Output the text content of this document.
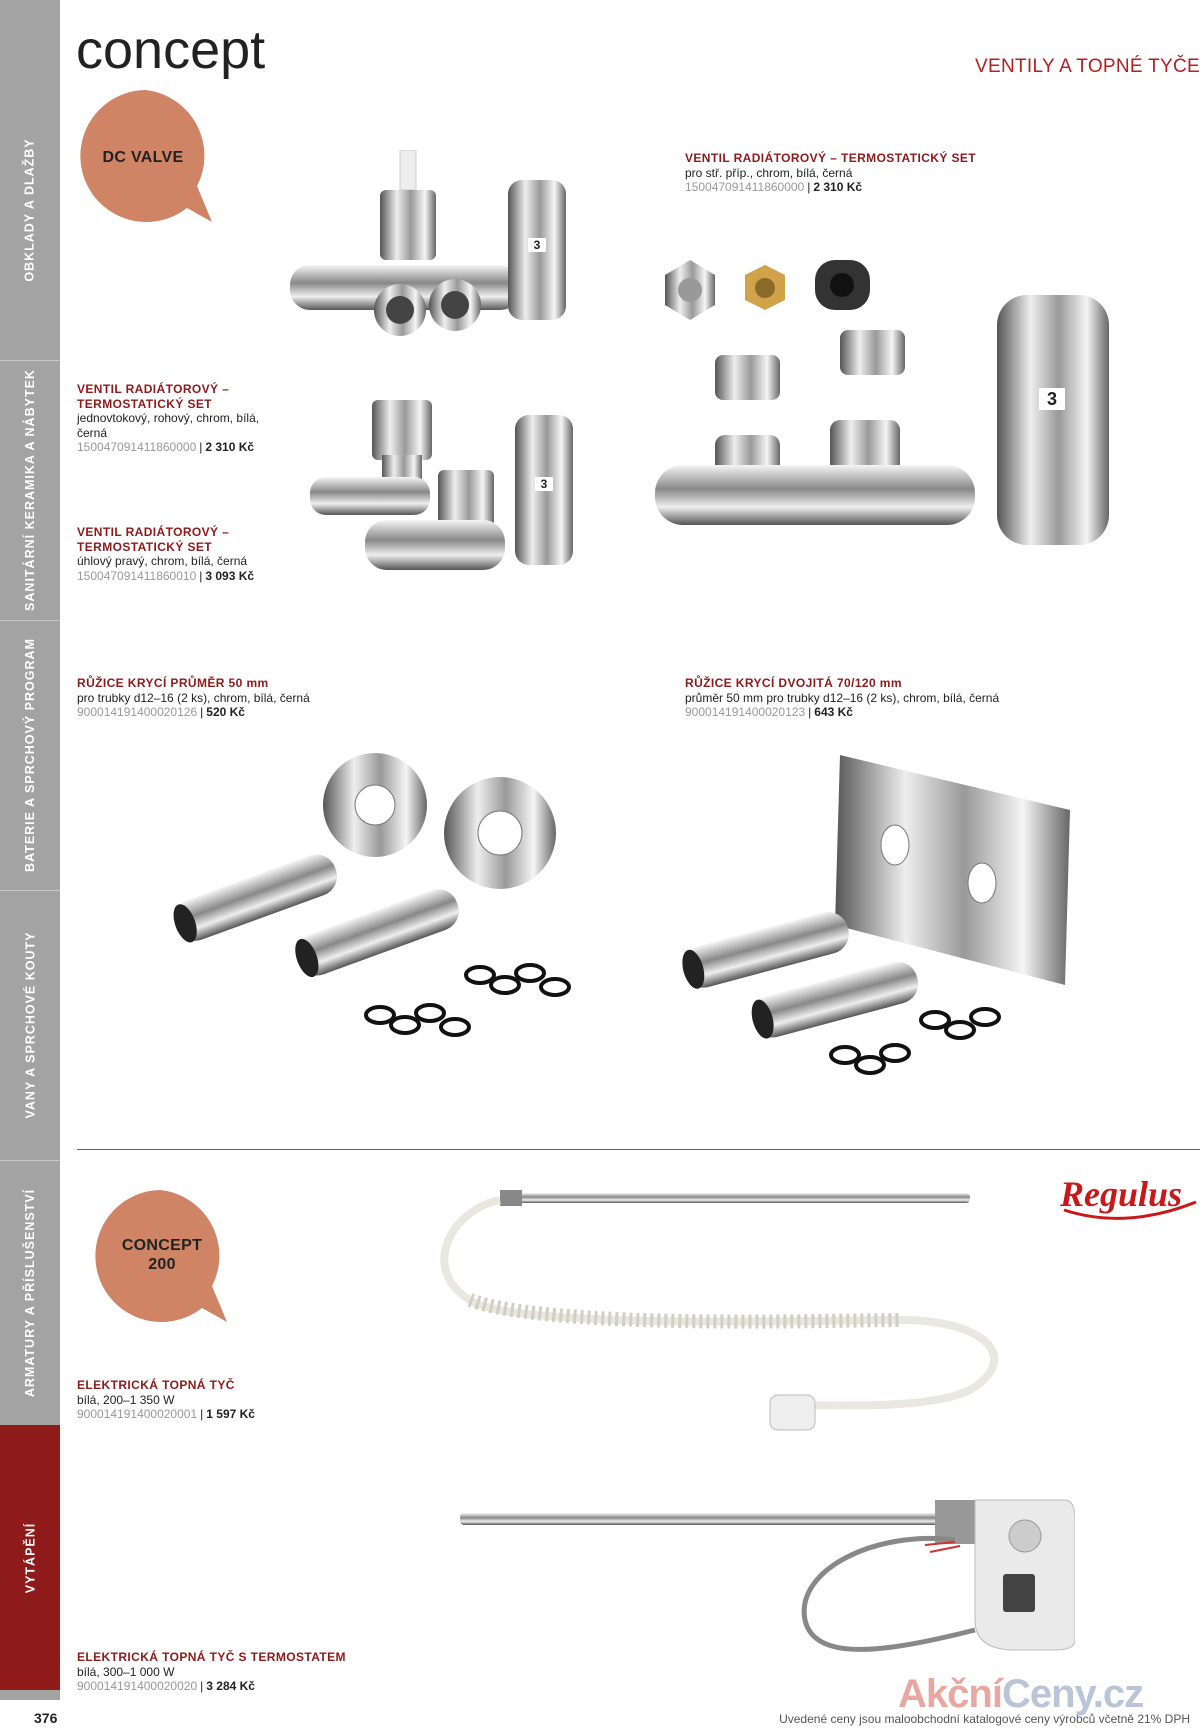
OBKLADY A DLAŽBY
SANITÁRNÍ KERAMIKA A NÁBYTEK
BATERIE A SPRCHOVÝ PROGRAM
VANY A SPRCHOVÉ KOUTY
ARMATURY A PŘÍSLUŠENSTVÍ
VYTÁPĚNÍ
376
concept	VENTILY A TOPNÉ TYČE
DC VALVE
CONCEPT 200
VENTIL RADIÁTOROVÝ – TERMOSTATICKÝ SET
pro stř. příp., chrom, bílá, černá
150047091411860000 | 2 310 Kč
VENTIL RADIÁTOROVÝ – TERMOSTATICKÝ SET
jednovtokový, rohový, chrom, bílá, černá
150047091411860000 | 2 310 Kč
VENTIL RADIÁTOROVÝ – TERMOSTATICKÝ SET
úhlový pravý, chrom, bílá, černá
150047091411860010 | 3 093 Kč
RŮŽICE KRYCÍ PRŮMĚR 50 mm
pro trubky d12–16 (2 ks), chrom, bílá, černá
900014191400020126 | 520 Kč
RŮŽICE KRYCÍ DVOJITÁ 70/120 mm
průměr 50 mm pro trubky d12–16 (2 ks), chrom, bílá, černá
900014191400020123 | 643 Kč
ELEKTRICKÁ TOPNÁ TYČ
bílá, 200–1 350 W
900014191400020001 | 1 597 Kč
ELEKTRICKÁ TOPNÁ TYČ S TERMOSTATEM
bílá, 300–1 000 W
900014191400020020 | 3 284 Kč
3
3
3
Regulus
Uvedené ceny jsou maloobchodní katalogové ceny výrobců včetně 21% DPH
AkčníCeny.cz
